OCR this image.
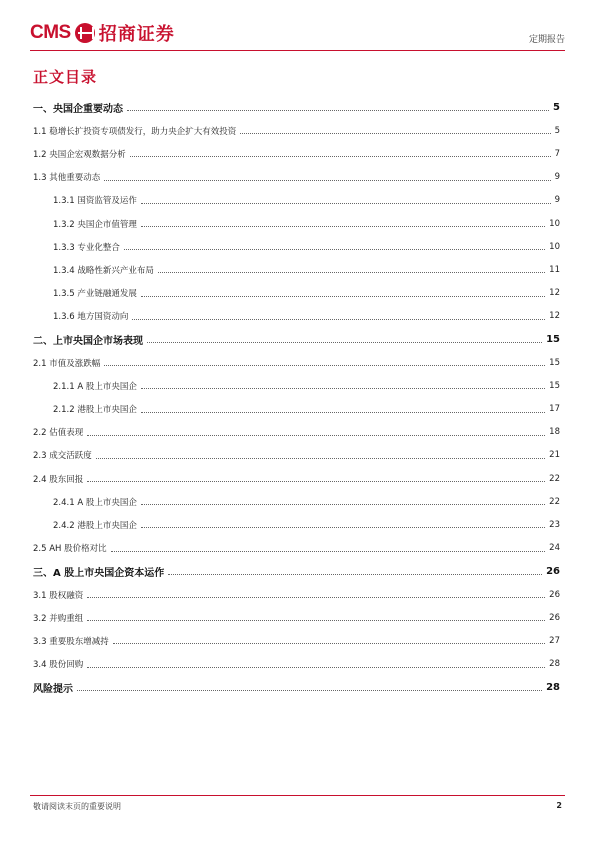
CMS 招商证券	定期报告
正文目录
一、央国企重要动态	5
1.1 稳增长扩投资专项债发行，助力央企扩大有效投资	5
1.2 央国企宏观数据分析	7
1.3 其他重要动态	9
1.3.1 国资监管及运作	9
1.3.2 央国企市值管理	10
1.3.3 专业化整合	10
1.3.4 战略性新兴产业布局	11
1.3.5 产业链融通发展	12
1.3.6 地方国资动向	12
二、上市央国企市场表现	15
2.1 市值及涨跌幅	15
2.1.1 A 股上市央国企	15
2.1.2 港股上市央国企	17
2.2 估值表现	18
2.3 成交活跃度	21
2.4 股东回报	22
2.4.1 A 股上市央国企	22
2.4.2 港股上市央国企	23
2.5 AH 股价格对比	24
三、A 股上市央国企资本运作	26
3.1 股权融资	26
3.2 并购重组	26
3.3 重要股东增减持	27
3.4 股份回购	28
风险提示	28
敬请阅读末页的重要说明	2
